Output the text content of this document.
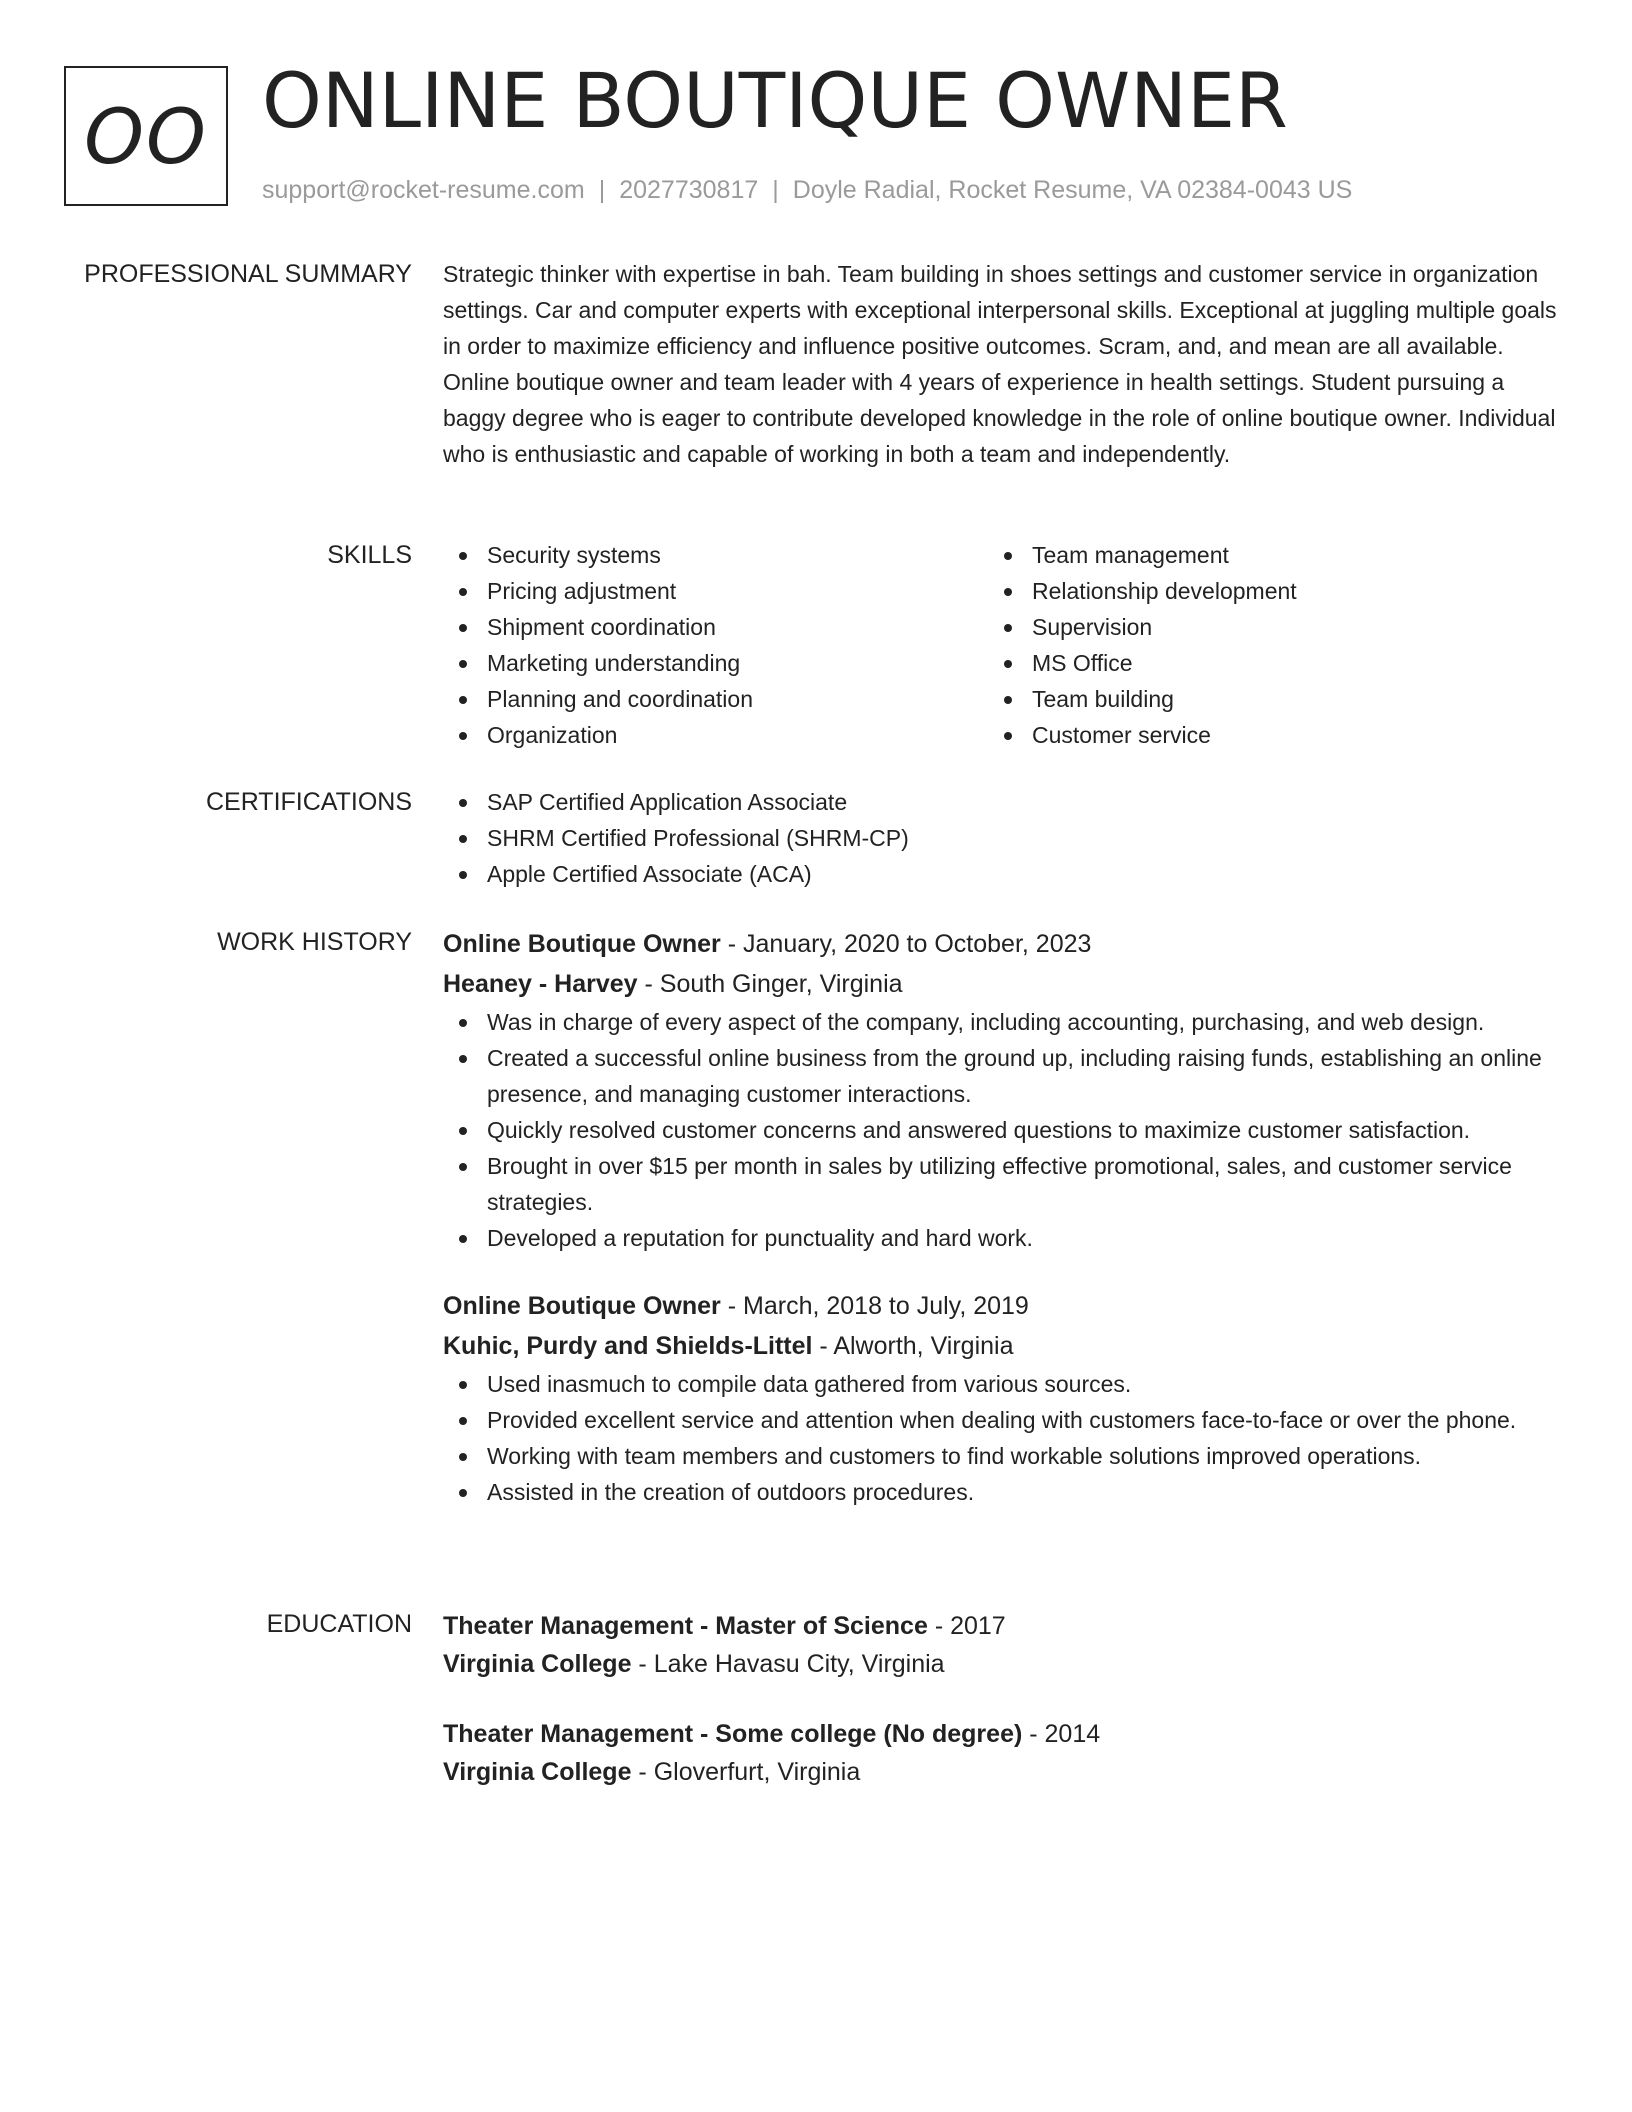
OO ONLINE BOUTIQUE OWNER
support@rocket-resume.com | 2027730817 | Doyle Radial, Rocket Resume, VA 02384-0043 US
PROFESSIONAL SUMMARY Strategic thinker with expertise in bah. Team building in shoes settings and customer service in organization settings. Car and computer experts with exceptional interpersonal skills. Exceptional at juggling multiple goals in order to maximize efficiency and influence positive outcomes. Scram, and, and mean are all available. Online boutique owner and team leader with 4 years of experience in health settings. Student pursuing a baggy degree who is eager to contribute developed knowledge in the role of online boutique owner. Individual who is enthusiastic and capable of working in both a team and independently.

SKILLS	Security systems
Pricing adjustment
Shipment coordination
Marketing understanding
Planning and coordination
Organization
Team management
Relationship development
Supervision
MS Office
Team building
Customer service
CERTIFICATIONS	SAP Certified Application Associate
SHRM Certified Professional (SHRM-CP)
Apple Certified Associate (ACA)
WORK HISTORY Online Boutique Owner - January, 2020 to October, 2023
Heaney - Harvey - South Ginger, Virginia
Was in charge of every aspect of the company, including accounting, purchasing, and web design.
Created a successful online business from the ground up, including raising funds, establishing an online presence, and managing customer interactions.
Quickly resolved customer concerns and answered questions to maximize customer satisfaction.
Brought in over $15 per month in sales by utilizing effective promotional, sales, and customer service strategies.
Developed a reputation for punctuality and hard work.
Online Boutique Owner - March, 2018 to July, 2019
Kuhic, Purdy and Shields-Littel - Alworth, Virginia
Used inasmuch to compile data gathered from various sources.
Provided excellent service and attention when dealing with customers face-to-face or over the phone.
Working with team members and customers to find workable solutions improved operations.
Assisted in the creation of outdoors procedures.
EDUCATION Theater Management - Master of Science - 2017
Virginia College - Lake Havasu City, Virginia
Theater Management - Some college (No degree) - 2014
Virginia College - Gloverfurt, Virginia
